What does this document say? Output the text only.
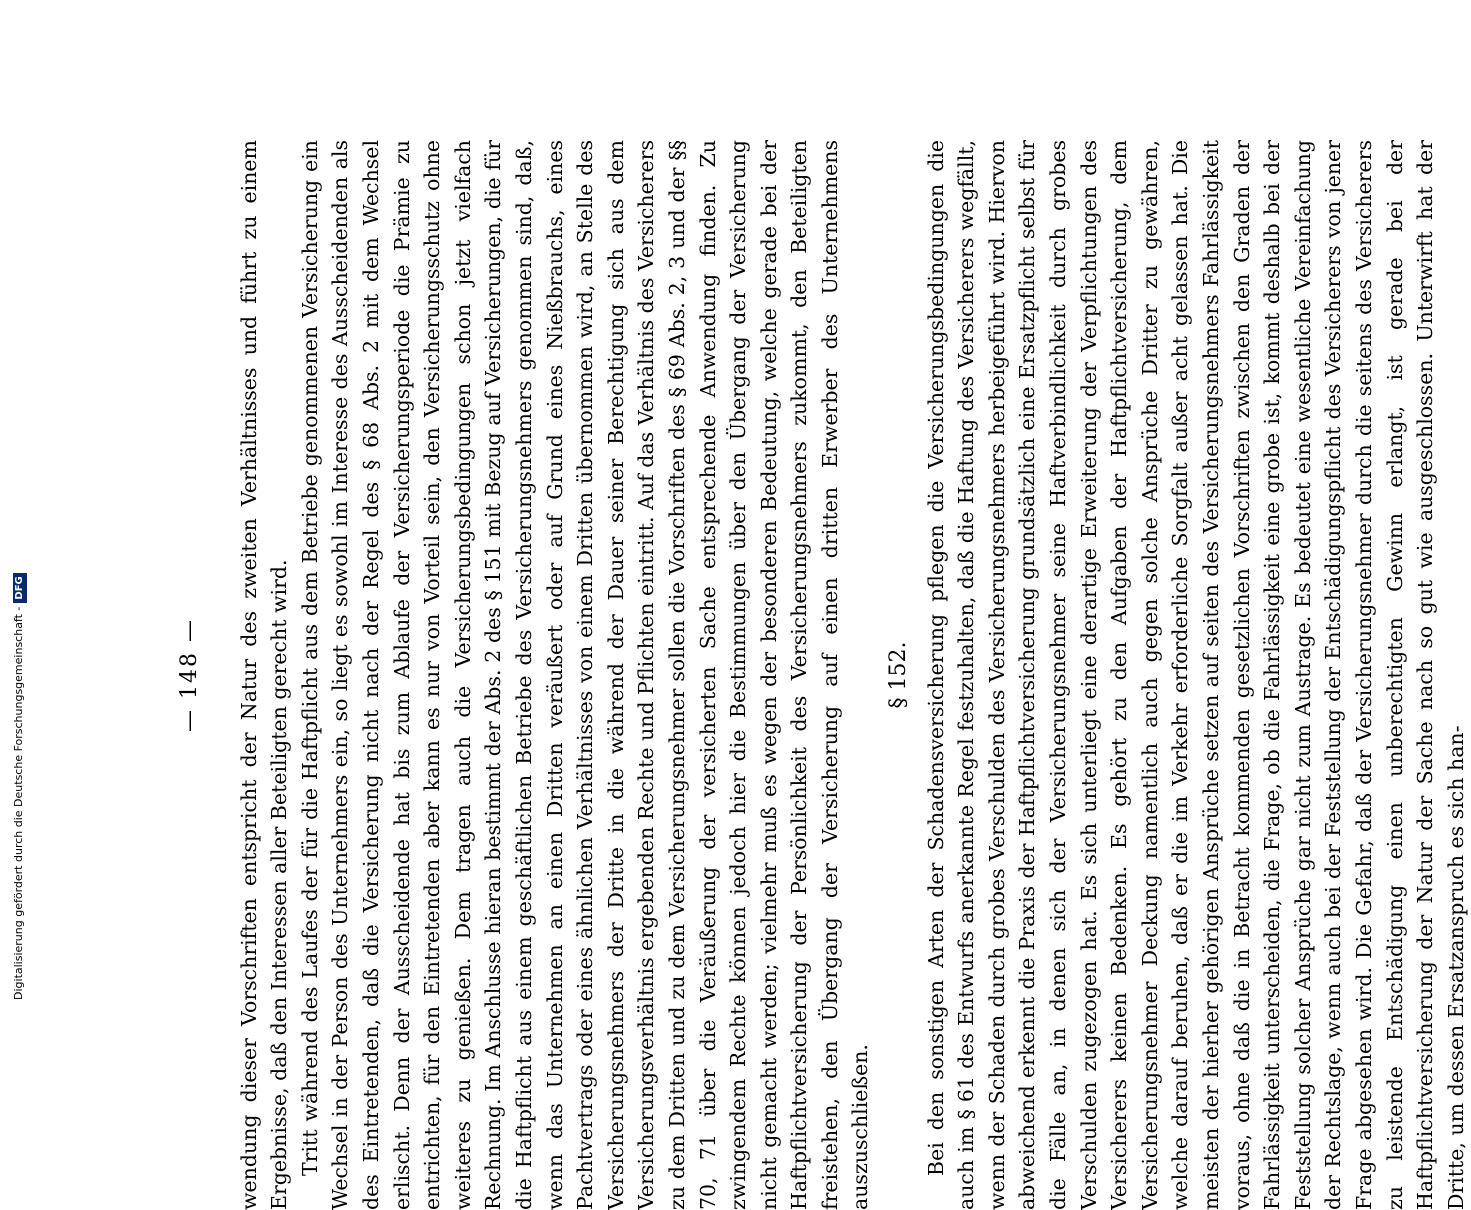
— 148 — wendung dieser Vorschriften entspricht der Natur des zweiten Verhältnisses und führt zu einem Ergebnisse, daß den Interessen aller Beteiligten gerecht wird. Tritt während des Laufes der für die Haftpflicht aus dem Betriebe genommenen Versicherung ein Wechsel in der Person des Unternehmers ein, so liegt es sowohl im Interesse des Ausscheidenden als des Eintretenden, daß die Versicherung nicht nach der Regel des § 68 Abs. 2 mit dem Wechsel erlischt. Denn der Ausscheidende hat bis zum Ablaufe der Versicherungsperiode die Prämie zu entrichten, für den Eintretenden aber kann es nur von Vorteil sein, den Versicherungsschutz ohne weiteres zu genießen. Dem tragen auch die Versicherungsbedingungen schon jetzt vielfach Rechnung. Im Anschlusse hieran bestimmt der Abs. 2 des § 151 mit Bezug auf Versicherungen, die für die Haftpflicht aus einem geschäftlichen Betriebe des Versicherungsnehmers genommen sind, daß, wenn das Unternehmen an einen Dritten veräußert oder auf Grund eines Nießbrauchs, eines Pachtvertrags oder eines ähnlichen Verhältnisses von einem Dritten übernommen wird, an Stelle des Versicherungsnehmers der Dritte in die während der Dauer seiner Berechtigung sich aus dem Versicherungsverhältnis ergebenden Rechte und Pflichten eintritt. Auf das Verhältnis des Versicherers zu dem Dritten und zu dem Versicherungsnehmer sollen die Vorschriften des § 69 Abs. 2, 3 und der §§ 70, 71 über die Veräußerung der versicherten Sache entsprechende Anwendung finden. Zu zwingendem Rechte können jedoch hier die Bestimmungen über den Übergang der Versicherung nicht gemacht werden; vielmehr muß es wegen der besonderen Bedeutung, welche gerade bei der Haftpflichtversicherung der Persönlichkeit des Versicherungsnehmers zukommt, den Beteiligten freistehen, den Übergang der Versicherung auf einen dritten Erwerber des Unternehmens auszuschließen.

§ 152. Bei den sonstigen Arten der Schadensversicherung pflegen die Versicherungsbedingungen die auch im § 61 des Entwurfs anerkannte Regel festzuhalten, daß die Haftung des Versicherers wegfällt, wenn der Schaden durch grobes Verschulden des Versicherungsnehmers herbeigeführt wird. Hiervon abweichend erkennt die Praxis der Haftpflichtversicherung grundsätzlich eine Ersatzpflicht selbst für die Fälle an, in denen sich der Versicherungsnehmer seine Haftverbindlichkeit durch grobes Verschulden zugezogen hat. Es sich unterliegt eine derartige Erweiterung der Verpflichtungen des Versicherers keinen Bedenken. Es gehört zu den Aufgaben der Haftpflichtversicherung, dem Versicherungsnehmer Deckung namentlich auch gegen solche Ansprüche Dritter zu gewähren, welche darauf beruhen, daß er die im Verkehr erforderliche Sorgfalt außer acht gelassen hat. Die meisten der hierher gehörigen Ansprüche setzen auf seiten des Versicherungsnehmers Fahrlässigkeit voraus, ohne daß die in Betracht kommenden gesetzlichen Vorschriften zwischen den Graden der Fahrlässigkeit unterscheiden, die Frage, ob die Fahrlässigkeit eine grobe ist, kommt deshalb bei der Feststellung solcher Ansprüche gar nicht zum Austrage. Es bedeutet eine wesentliche Vereinfachung der Rechtslage, wenn auch bei der Feststellung der Entschädigungspflicht des Versicherers von jener Frage abgesehen wird. Die Gefahr, daß der Versicherungsnehmer durch die seitens des Versicherers zu leistende Entschädigung einen unberechtigten Gewinn erlangt, ist gerade bei der Haftpflichtversicherung der Natur der Sache nach so gut wie ausgeschlossen. Unterwirft hat der Dritte, um dessen Ersatzanspruch es sich han-

Digitalisierung gefördert durch die Deutsche Forschungsgemeinschaft -DFG
